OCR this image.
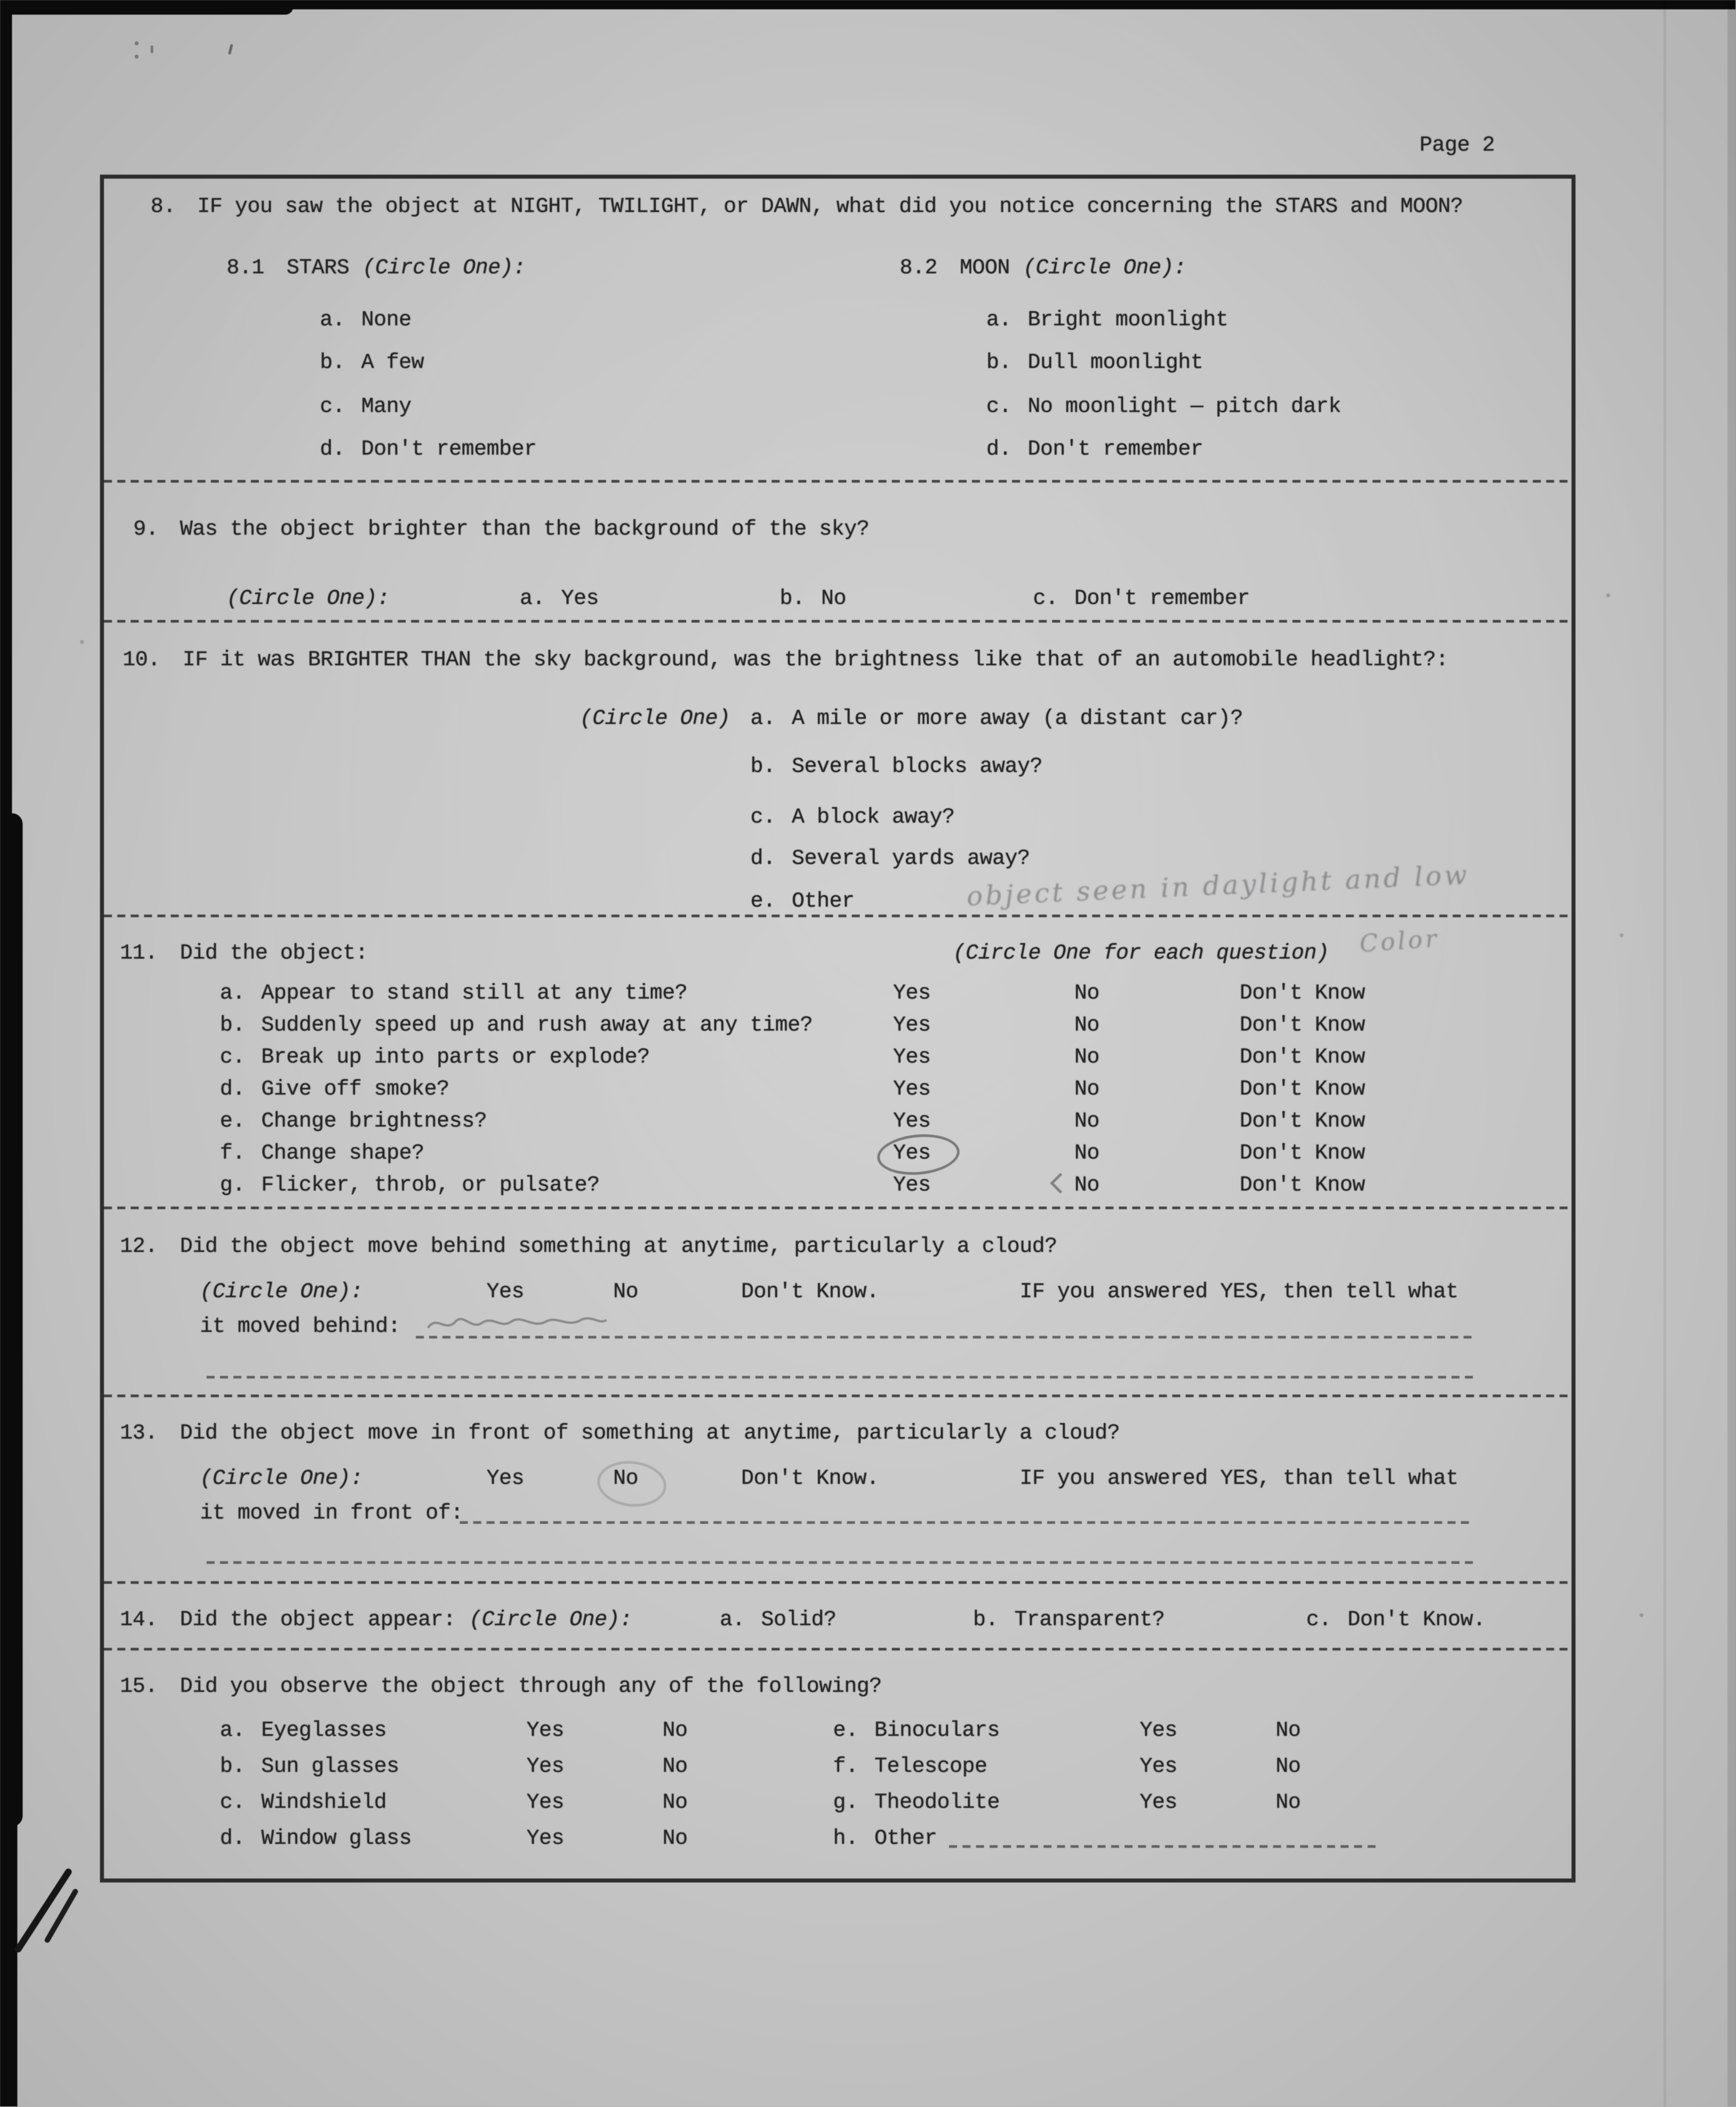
Page 2
8.	IF you saw the object at NIGHT, TWILIGHT, or DAWN, what did you notice concerning the STARS and MOON?
8.1	STARS (Circle One):	8.2	MOON (Circle One):
a. None
b. A few
c. Many
d. Don't remember
a. Bright moonlight
b. Dull moonlight
c. No moonlight — pitch dark
d. Don't remember
9.	Was the object brighter than the background of the sky?
(Circle One):	a. Yes	b. No	c. Don't remember
10.	IF it was BRIGHTER THAN the sky background, was the brightness like that of an automobile headlight?:
(Circle One) a. A mile or more away (a distant car)?
b. Several blocks away?
c. A block away?
d. Several yards away?
e. Other	object seen in daylight and low
Color
11.	Did the object:	(Circle One for each question)
a. Appear to stand still at any time?	Yes	No	Don't Know
b. Suddenly speed up and rush away at any time?	Yes	No	Don't Know
c. Break up into parts or explode?	Yes	No	Don't Know
d. Give off smoke?	Yes	No	Don't Know
e. Change brightness?	Yes	No	Don't Know
f. Change shape?	Yes	No	Don't Know
g. Flicker, throb, or pulsate?	Yes	No	Don't Know
12.	Did the object move behind something at anytime, particularly a cloud?
(Circle One):	Yes	No	Don't Know.	IF you answered YES, then tell what
it moved behind:
13.	Did the object move in front of something at anytime, particularly a cloud?
(Circle One):	Yes	No	Don't Know.	IF you answered YES, than tell what
it moved in front of:
14.	Did the object appear: (Circle One):	a. Solid?	b. Transparent?	c. Don't Know.
15.	Did you observe the object through any of the following?
a. Eyeglasses	Yes	No	e. Binoculars	Yes	No
b. Sun glasses	Yes	No	f. Telescope	Yes	No
c. Windshield	Yes	No	g. Theodolite	Yes	No
d. Window glass	Yes	No	h. Other
